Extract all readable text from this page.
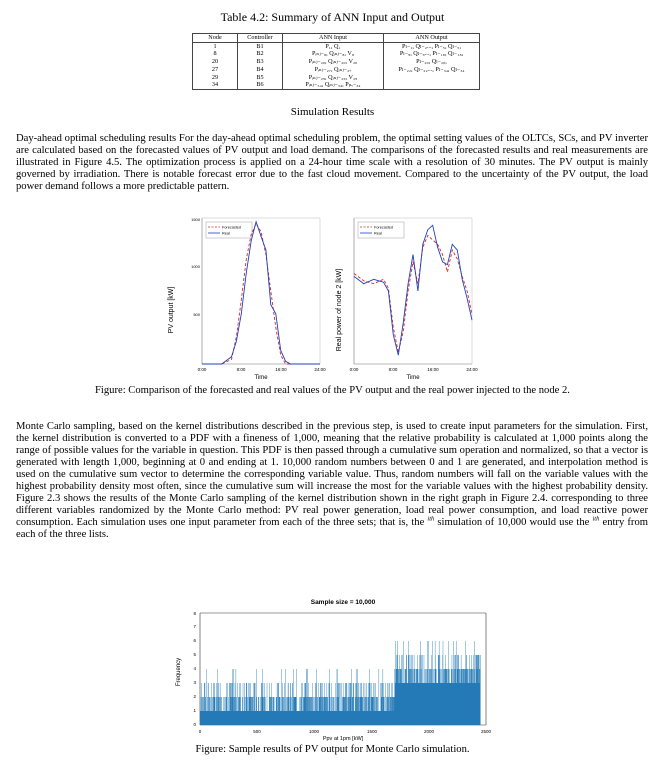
Table 4.2: Summary of ANN Input and Output
Node	Controller	ANN Input	ANN Output
1	B1	P₁, Q₁	Pₗ₋₁, Qₗ₋₂..., Pₗ₋₅, Qₗ₋₅,
8	B2	Pᵢₙⱼ₋₈, Qᵢₙⱼ₋₈, V₈	Pₗ₋₉, Qₗ₋₉..., Pₗ₋₁₈, Qₗ₋₁₈,
20	B3	Pᵢₙⱼ₋₂₀, Qᵢₙⱼ₋₂₀, V₂₀	Pₗ₋₂₀, Qₗ₋₂₀,
27	B4	Pᵢₙⱼ₋₂₇, Qᵢₙⱼ₋₂₇	Pₗ₋₂₂, Qₗ₋₂₂..., Pₗ₋₃₄, Qₗ₋₃₄
29	B5	Pᵢₙⱼ₋₂₉, Qᵢₙⱼ₋₂₉, V₂₉	
34	B6	Pᵢₙⱼ₋₃₄, Qᵢₙⱼ₋₃₄, Pₚᵥ₋₃₄	
Simulation Results
Day-ahead optimal scheduling results For the day-ahead optimal scheduling problem, the optimal setting values of the OLTCs, SCs, and PV inverter are calculated based on the forecasted values of PV output and load demand. The comparisons of the forecasted results and real measurements are illustrated in Figure 4.5. The optimization process is applied on a 24-hour time scale with a resolution of 30 minutes. The PV output is mainly governed by irradiation. There is notable forecast error due to the fast cloud movement. Compared to the uncertainty of the PV output, the load power demand follows a more predictable pattern.
PV output [kW]
1500
1000
500
0:00	8:00	16:00	24:00
Time
Forecasted
Real
Real power of node 2 [kW]
0:00	8:00	16:00	24:00
Time
Forecasted
Real
Figure: Comparison of the forecasted and real values of the PV output and the real power injected to the node 2.
Monte Carlo sampling, based on the kernel distributions described in the previous step, is used to create input parameters for the simulation. First, the kernel distribution is converted to a PDF with a fineness of 1,000, meaning that the relative probability is calculated at 1,000 points along the range of possible values for the variable in question. This PDF is then passed through a cumulative sum operation and normalized, so that a vector is generated with length 1,000, beginning at 0 and ending at 1. 10,000 random numbers between 0 and 1 are generated, and interpolation method is used on the cumulative sum vector to determine the corresponding variable value. Thus, random numbers will fall on the variable values with the highest probability density most often, since the cumulative sum will increase the most for the variable values with the highest probability density. Figure 2.3 shows the results of the Monte Carlo sampling of the kernel distribution shown in the right graph in Figure 2.4. corresponding to three different variables randomized by the Monte Carlo method: PV real power generation, load real power consumption, and load reactive power consumption. Each simulation uses one input parameter from each of the three sets; that is, the $^{ith}$ simulation of 10,000 would use the $^{ith}$ entry from each of the three lists.
Sample size = 10,000
Frequency
0
1
2
3
4
5
6
7
8
0	500	1000	1500	2000	2500
Ppv at 1pm [kW]
Figure: Sample results of PV output for Monte Carlo simulation.
